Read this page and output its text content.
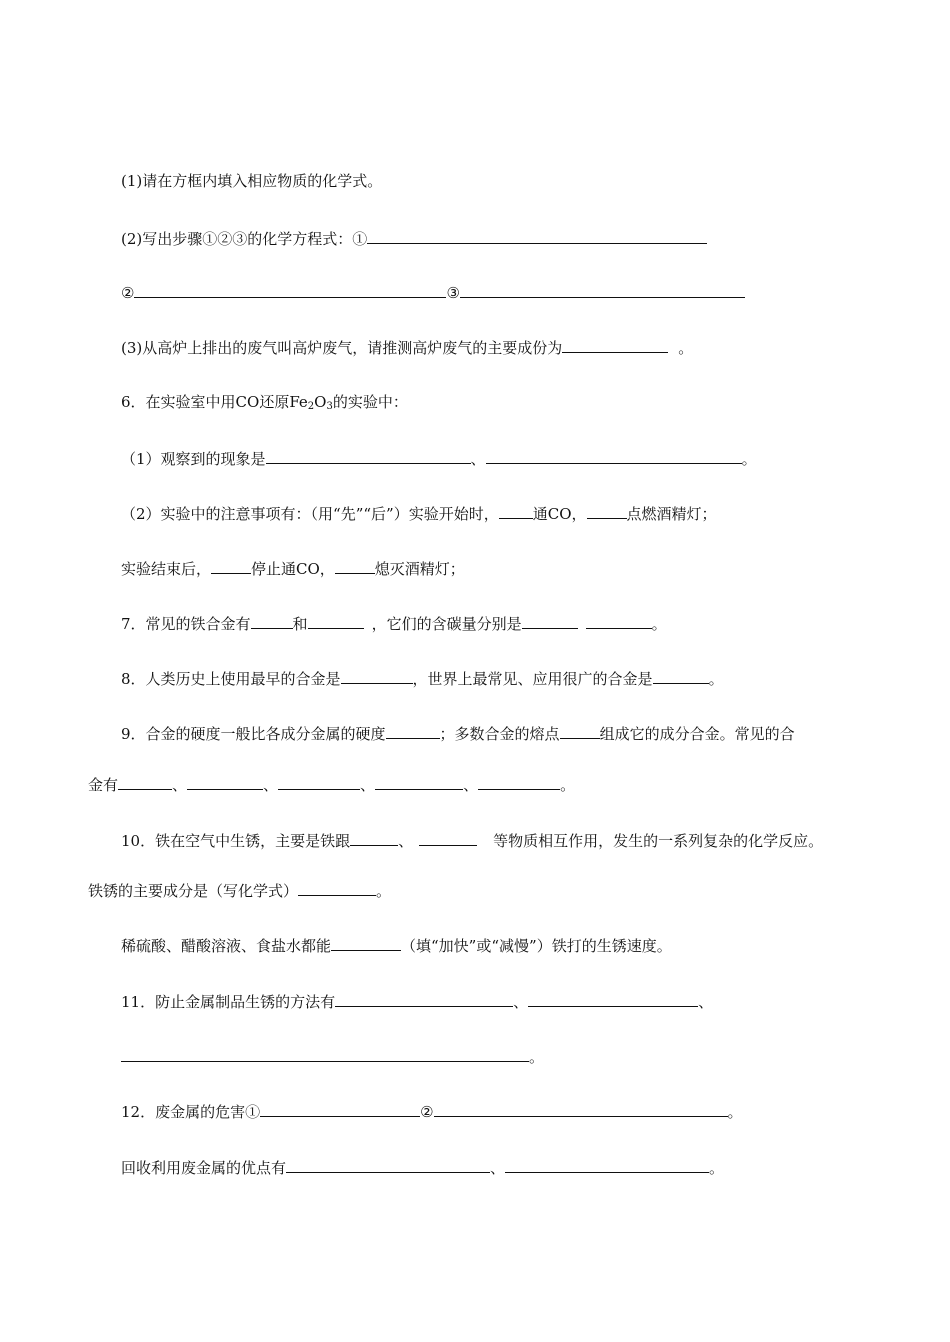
(1)请在方框内填入相应物质的化学式。
(2)写出步骤①②③的化学方程式：①
②	③
(3)从高炉上排出的废气叫高炉废气，请推测高炉废气的主要成份为	。
6．在实验室中用CO还原$Fe_2O_3$的实验中：
（1）观察到的现象是	、	。
（2）实验中的注意事项有：（用“先”“后”）实验开始时， 通CO，	点燃酒精灯；
实验结束后，	停止通CO，	熄灭酒精灯；
7．常见的铁合金有	和	，它们的含碳量分别是	。
8．人类历史上使用最早的合金是	，世界上最常见、应用很广的合金是	。
9．合金的硬度一般比各成分金属的硬度	；多数合金的熔点	组成它的成分合金。常见的合
金有	、	、	、	、	。
10．铁在空气中生锈，主要是铁跟	、	等物质相互作用，发生的一系列复杂的化学反应。
铁锈的主要成分是（写化学式）	。
稀硫酸、醋酸溶液、食盐水都能	（填“加快”或“减慢”）铁打的生锈速度。
11．防止金属制品生锈的方法有	、	、
。
12．废金属的危害①	②	。
回收利用废金属的优点有	、	。
